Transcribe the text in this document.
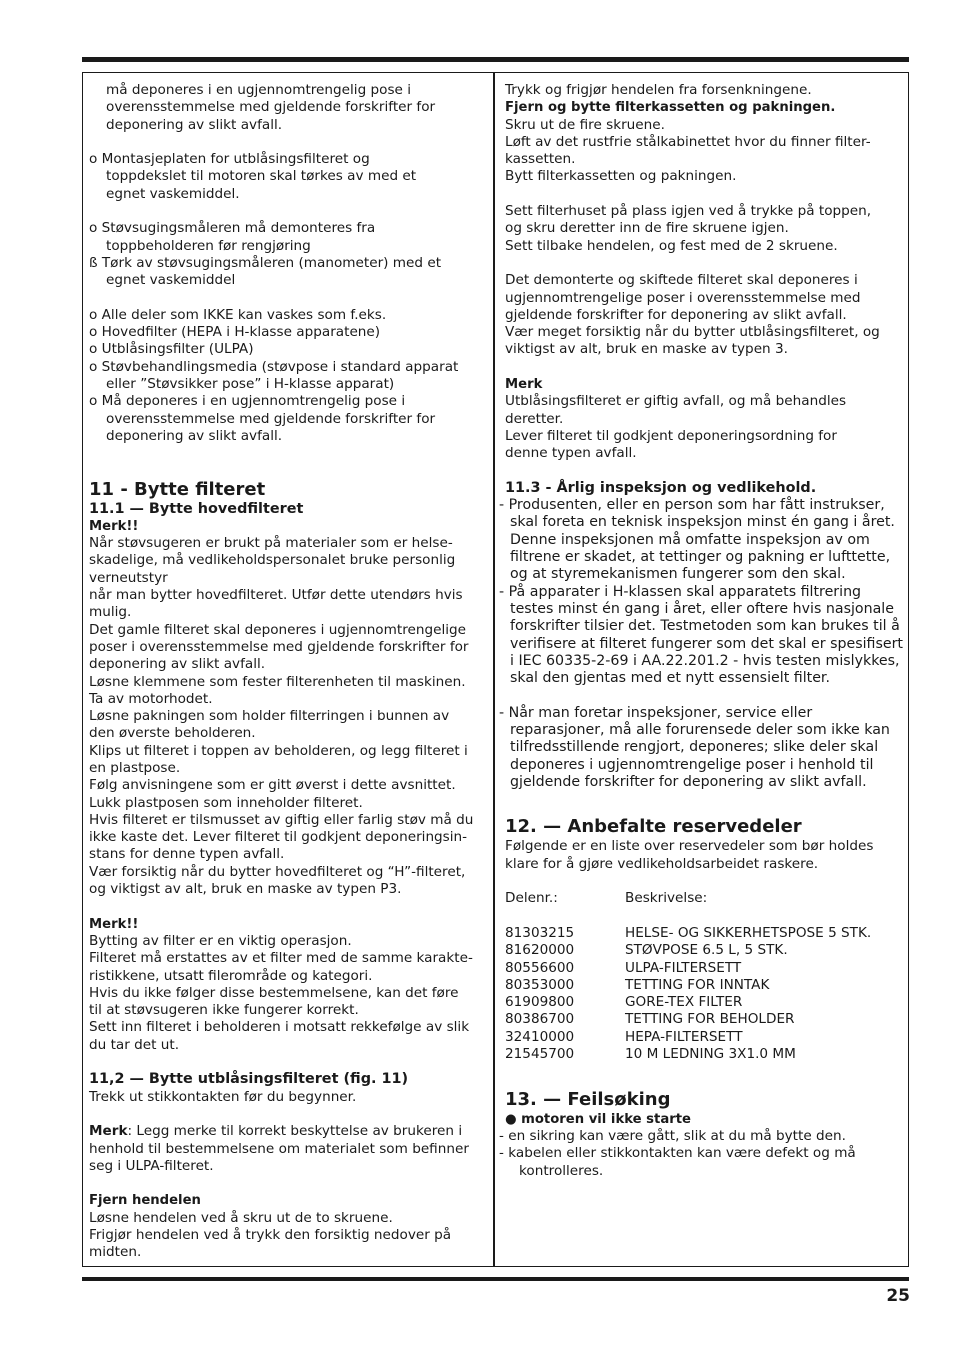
må deponeres i en ugjennomtrengelig pose i

overensstemmelse med gjeldende forskrifter for

deponering av slikt avfall.

o Montasjeplaten for utblåsingsfilteret og

toppdekslet til motoren skal tørkes av med et

egnet vaskemiddel.

o Støvsugingsmåleren må demonteres fra

toppbeholderen før rengjøring

ß Tørk av støvsugingsmåleren (manometer) med et

egnet vaskemiddel

o Alle deler som IKKE kan vaskes som f.eks.

o Hovedfilter (HEPA i H-klasse apparatene)

o Utblåsingsfilter (ULPA)

o Støvbehandlingsmedia (støvpose i standard apparat eller ”Støvsikker pose” i H-klasse apparat)

o Må deponeres i en ugjennomtrengelig pose i overensstemmelse med gjeldende forskrifter for deponering av slikt avfall.

11 - Bytte filteret

11.1 — Bytte hovedfilteret

Merk!!

Når støvsugeren er brukt på materialer som er helse-

skadelige, må vedlikeholdspersonalet bruke personlig

verneutstyr

når man bytter hovedfilteret. Utfør dette utendørs hvis

mulig.

Det gamle filteret skal deponeres i ugjennomtrengelige

poser i overensstemmelse med gjeldende forskrifter for

deponering av slikt avfall.

Løsne klemmene som fester filterenheten til maskinen.

Ta av motorhodet.

Løsne pakningen som holder filterringen i bunnen av

den øverste beholderen.

Klips ut filteret i toppen av beholderen, og legg filteret i

en plastpose.

Følg anvisningene som er gitt øverst i dette avsnittet.

Lukk plastposen som inneholder filteret.

Hvis filteret er tilsmusset av giftig eller farlig støv må du

ikke kaste det. Lever filteret til godkjent deponeringsin-

stans for denne typen avfall.

Vær forsiktig når du bytter hovedfilteret og “H”-filteret,

og viktigst av alt, bruk en maske av typen P3.

Merk!!

Bytting av filter er en viktig operasjon.

Filteret må erstattes av et filter med de samme karakte-

ristikkene, utsatt filerområde og kategori.

Hvis du ikke følger disse bestemmelsene, kan det føre

til at støvsugeren ikke fungerer korrekt.

Sett inn filteret i beholderen i motsatt rekkefølge av slik

du tar det ut.

11,2 — Bytte utblåsingsfilteret (fig. 11)

Trekk ut stikkontakten før du begynner.

Merk: Legg merke til korrekt beskyttelse av brukeren i

henhold til bestemmelsene om materialet som befinner

seg i ULPA-filteret.

Fjern hendelen

Løsne hendelen ved å skru ut de to skruene.

Frigjør hendelen ved å trykk den forsiktig nedover på

midten.

Trykk og frigjør hendelen fra forsenkningene.

Fjern og bytte filterkassetten og pakningen.

Skru ut de fire skruene.

Løft av det rustfrie stålkabinettet hvor du finner filter-

kassetten.

Bytt filterkassetten og pakningen.

Sett filterhuset på plass igjen ved å trykke på toppen,

og skru deretter inn de fire skruene igjen.

Sett tilbake hendelen, og fest med de 2 skruene.

Det demonterte og skiftede filteret skal deponeres i

ugjennomtrengelige poser i overensstemmelse med

gjeldende forskrifter for deponering av slikt avfall.

Vær meget forsiktig når du bytter utblåsingsfilteret, og

viktigst av alt, bruk en maske av typen 3.

Merk

Utblåsingsfilteret er giftig avfall, og må behandles

deretter.

Lever filteret til godkjent deponeringsordning for

denne typen avfall.

11.3 - Årlig inspeksjon og vedlikehold.

- Produsenten, eller en person som har fått instrukser, skal foreta en teknisk inspeksjon minst én gang i året. Denne inspeksjonen må omfatte inspeksjon av om filtrene er skadet, at tettinger og pakning er lufttette, og at styremekanismen fungerer som den skal.

- På apparater i H-klassen skal apparatets filtrering testes minst én gang i året, eller oftere hvis nasjonale forskrifter tilsier det. Testmetoden som kan brukes til å verifisere at filteret fungerer som det skal er spesifisert i IEC 60335-2-69 i AA.22.201.2 - hvis testen mislykkes, skal den gjentas med et nytt essensielt filter.

- Når man foretar inspeksjoner, service eller reparasjoner, må alle forurensede deler som ikke kan tilfredsstillende rengjort, deponeres; slike deler skal deponeres i ugjennomtrengelige poser i henhold til gjeldende forskrifter for deponering av slikt avfall.

12. — Anbefalte reservedeler

Følgende er en liste over reservedeler som bør holdes

klare for å gjøre vedlikeholdsarbeidet raskere.

Delenr.:	Beskrivelse:
81303215	HELSE- OG SIKKERHETSPOSE 5 STK.
81620000	STØVPOSE 6.5 L, 5 STK.
80556600	ULPA-FILTERSETT
80353000	TETTING FOR INNTAK
61909800	GORE-TEX FILTER
80386700	TETTING FOR BEHOLDER
32410000	HEPA-FILTERSETT
21545700	10 M LEDNING 3X1.0 MM
13. — Feilsøking

● motoren vil ikke starte

- en sikring kan være gått, slik at du må bytte den.

- kabelen eller stikkontakten kan være defekt og må kontrolleres.

25
